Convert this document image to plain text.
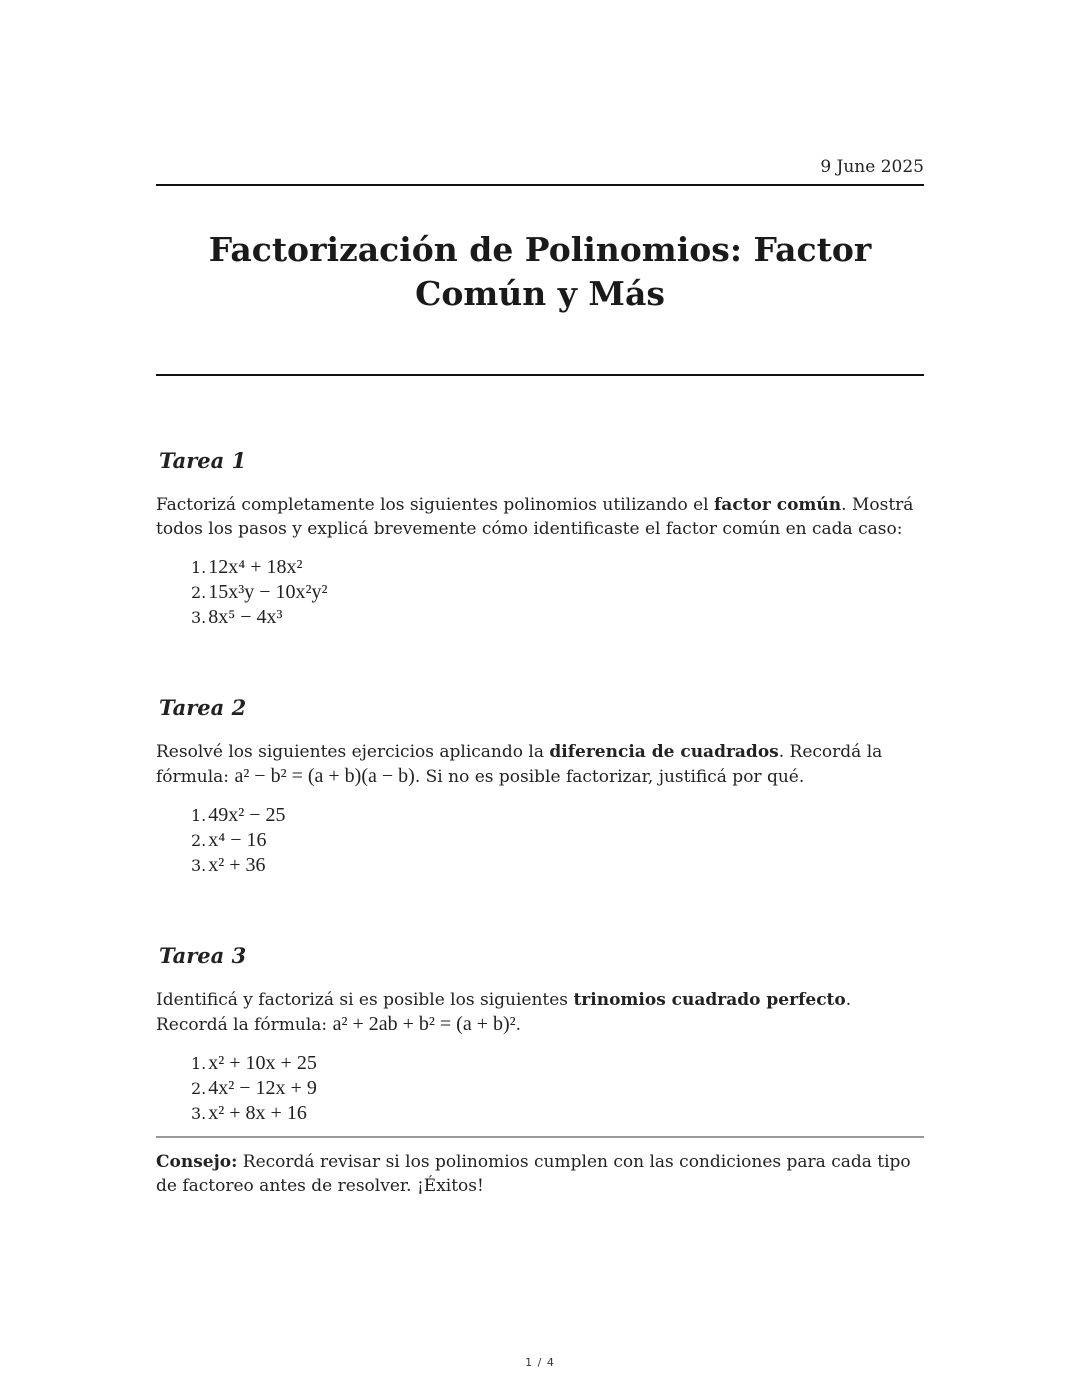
9 June 2025
Factorización de Polinomios: Factor Común y Más
Tarea 1

Factorizá completamente los siguientes polinomios utilizando el factor común. Mostrá todos los pasos y explicá brevemente cómo identificaste el factor común en cada caso:

1. 12x⁴ + 18x²
2. 15x³y − 10x²y²
3. 8x⁵ − 4x³
Tarea 2

Resolvé los siguientes ejercicios aplicando la diferencia de cuadrados. Recordá la fórmula: a² − b² = (a + b)(a − b). Si no es posible factorizar, justificá por qué.

1. 49x² − 25
2. x⁴ − 16
3. x² + 36
Tarea 3

Identificá y factorizá si es posible los siguientes trinomios cuadrado perfecto. Recordá la fórmula: a² + 2ab + b² = (a + b)².

1. x² + 10x + 25
2. 4x² − 12x + 9
3. x² + 8x + 16

Consejo: Recordá revisar si los polinomios cumplen con las condiciones para cada tipo de factoreo antes de resolver. ¡Éxitos!

1 / 4
